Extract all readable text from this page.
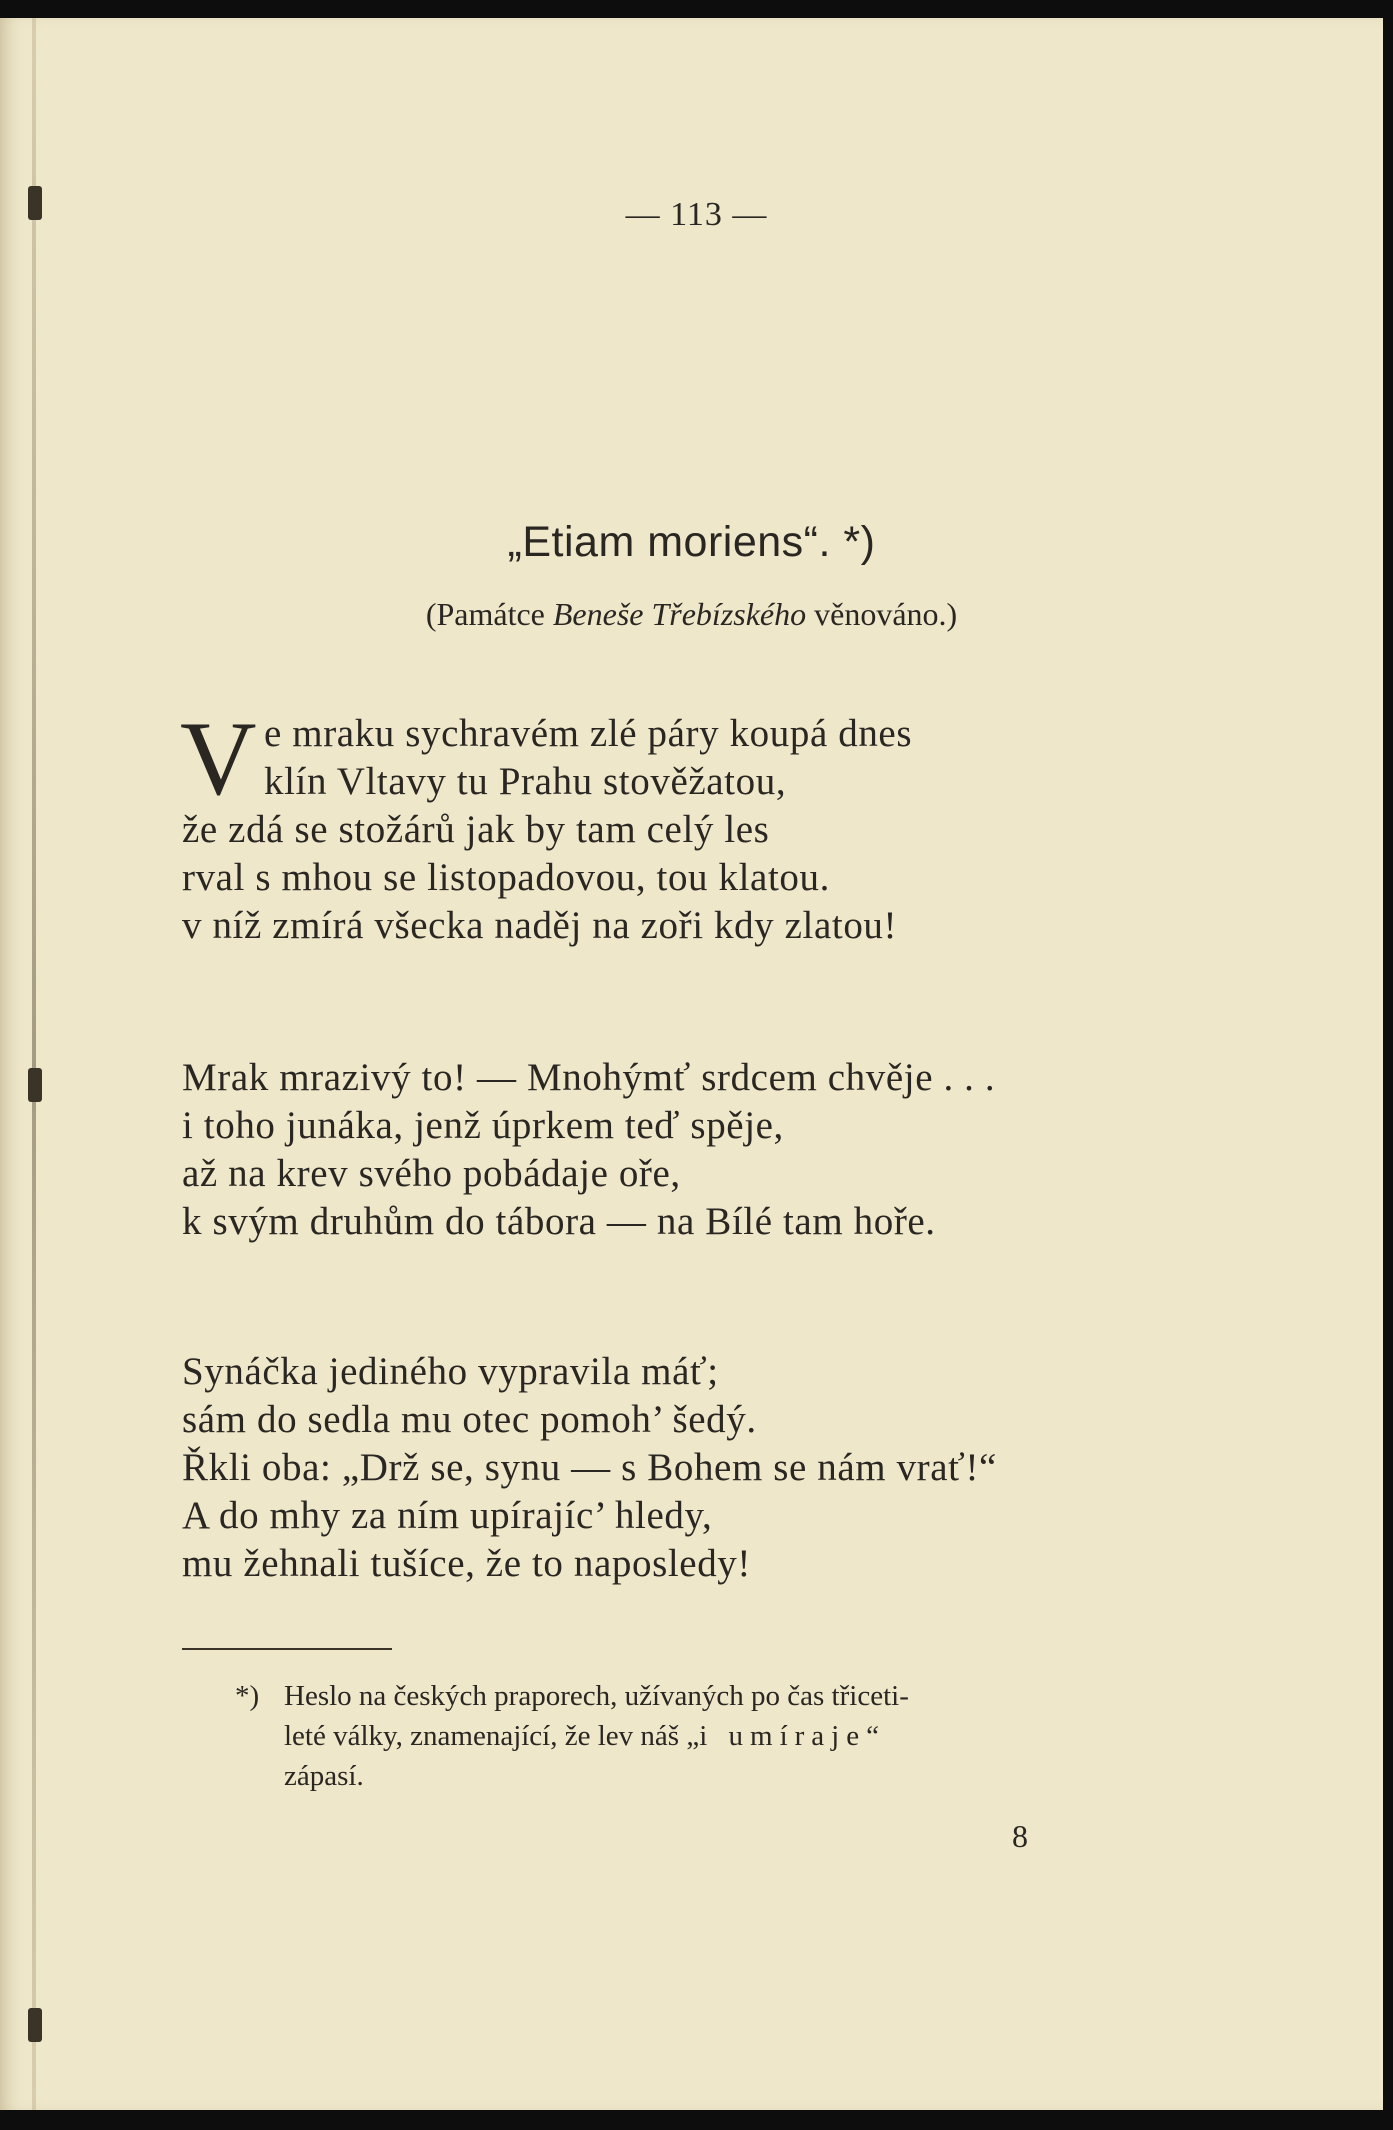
— 113 —
„Etiam moriens“. *)
(Památce Beneše Třebízského věnováno.)
V e mraku sychravém zlé páry koupá dnes
klín Vltavy tu Prahu stověžatou,
že zdá se stožárů jak by tam celý les
rval s mhou se listopadovou, tou klatou.
v níž zmírá všecka naděj na zoři kdy zlatou!
Mrak mrazivý to! — Mnohýmť srdcem chvěje . . .
i toho junáka, jenž úprkem teď spěje,
až na krev svého pobádaje oře,
k svým druhům do tábora — na Bílé tam hoře.
Synáčka jediného vypravila máť;
sám do sedla mu otec pomoh’ šedý.
Řkli oba: „Drž se, synu — s Bohem se nám vrať!“
A do mhy za ním upírajíc’ hledy,
mu žehnali tušíce, že to naposledy!
*) Heslo na českých praporech, užívaných po čas třiceti-
leté války, znamenající, že lev náš „i umíraje“
zápasí.
8
